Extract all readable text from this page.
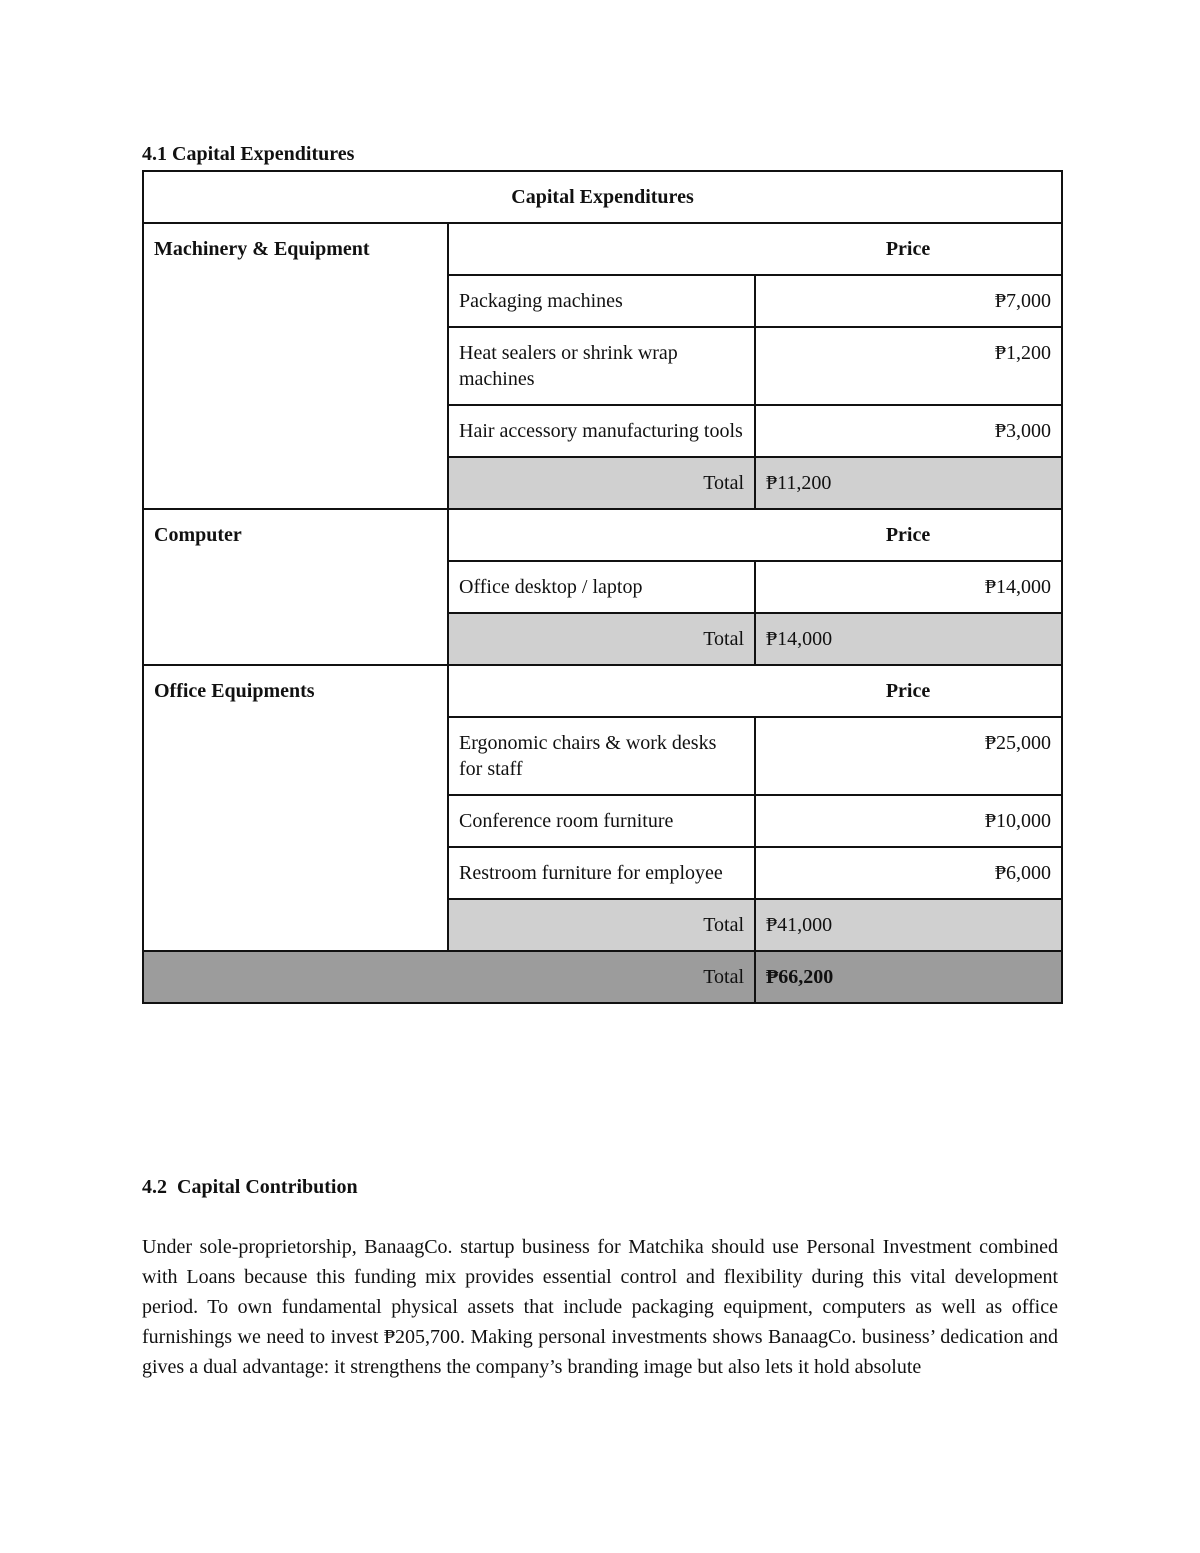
4.1 Capital Expenditures
Capital Expenditures		
Machinery & Equipment	Price	
	Packaging machines	₱7,000
	Heat sealers or shrink wrap machines	₱1,200
	Hair accessory manufacturing tools	₱3,000
	Total	₱11,200
Computer	Price	
	Office desktop / laptop	₱14,000
	Total	₱14,000
Office Equipments	Price	
	Ergonomic chairs & work desks for staff	₱25,000
	Conference room furniture	₱10,000
	Restroom furniture for employee	₱6,000
	Total	₱41,000
Total		₱66,200
4.2  Capital Contribution

Under sole-proprietorship, BanaagCo. startup business for Matchika should use Personal Investment combined with Loans because this funding mix provides essential control and flexibility during this vital development period. To own fundamental physical assets that include packaging equipment, computers as well as office furnishings we need to invest ₱205,700. Making personal investments shows BanaagCo. business’ dedication and gives a dual advantage: it strengthens the company’s branding image but also lets it hold absolute
